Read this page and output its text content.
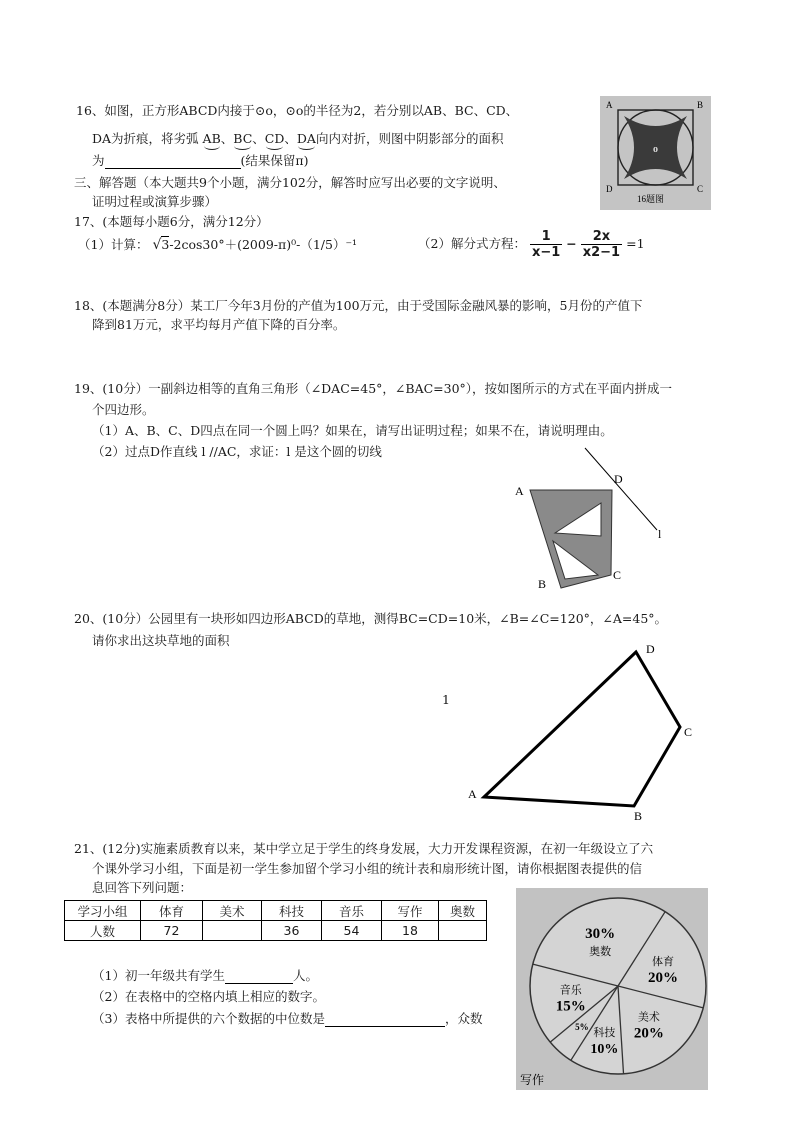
16、如图，正方形ABCD内接于⊙o，⊙o的半径为2，若分别以AB、BC、CD、
DA为折痕，将劣弧 AB、BC、CD、DA向内对折，则图中阴影部分的面积
为	(结果保留π)
A	B
C
D
o
16题图
三、解答题（本大题共9个小题，满分102分，解答时应写出必要的文字说明、
证明过程或演算步骤）
17、(本题每小题6分，满分12分）
（1）计算： √3-2cos30°＋(2009-π)⁰-（1/5）⁻¹	（2）解分式方程： $\frac{1}{x-1} - \frac{2x}{x2-1} =1$
18、(本题满分8分）某工厂今年3月份的产值为100万元，由于受国际金融风暴的影响，5月份的产值下
降到81万元，求平均每月产值下降的百分率。
19、(10分）一副斜边相等的直角三角形（∠DAC=45°，∠BAC=30°），按如图所示的方式在平面内拼成一
个四边形。
（1）A、B、C、D四点在同一个圆上吗？如果在，请写出证明过程；如果不在，请说明理由。
（2）过点D作直线 l //AC，求证：l 是这个圆的切线
A
D
C
B
l
20、(10分）公园里有一块形如四边形ABCD的草地，测得BC=CD=10米，∠B=∠C=120°，∠A=45°。
请你求出这块草地的面积
1
A
B
C
D
21、(12分)实施素质教育以来，某中学立足于学生的终身发展，大力开发课程资源，在初一年级设立了六
个课外学习小组，下面是初一学生参加留个学习小组的统计表和扇形统计图，请你根据图表提供的信
息回答下列问题：
学习小组	体育	美术	科技	音乐	写作	奥数
人数	72		36	54	18	
（1）初一年级共有学生	人。
（2）在表格中的空格内填上相应的数字。
（3）表格中所提供的六个数据的中位数是	，众数
30%
奥数
体育
20%
美术
20%
科技
10%
5%
音乐
15%
写作
